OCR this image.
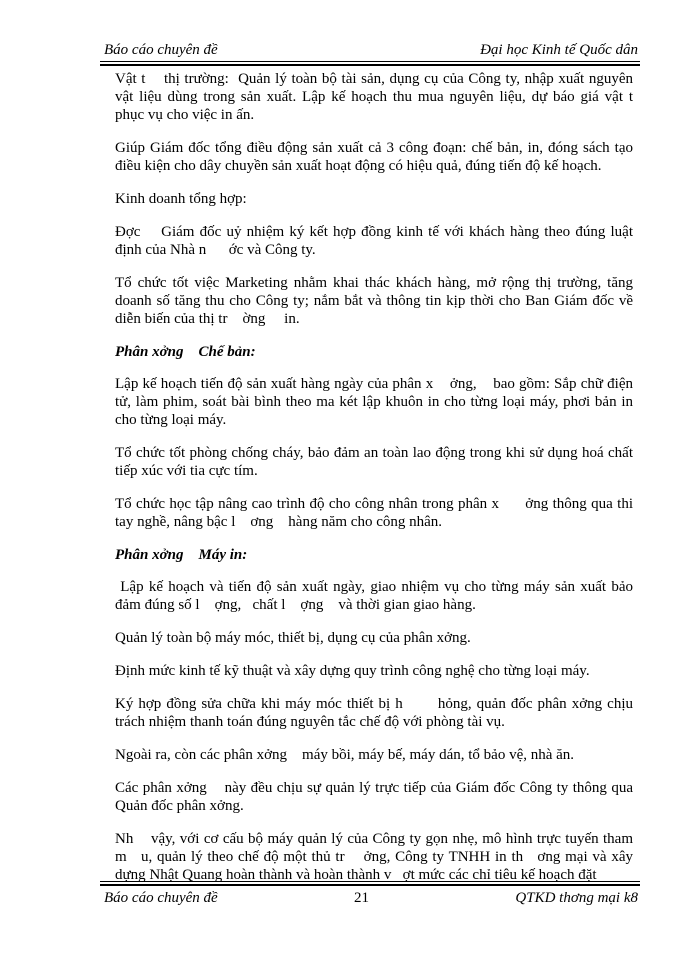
Báo cáo chuyên đề	Đại học Kinh tế Quốc dân

Vật t    thị trường:  Quản lý toàn bộ tài sản, dụng cụ của Công ty, nhập xuất nguyên vật liệu dùng trong sản xuất. Lập kế hoạch thu mua nguyên liệu, dự báo giá vật t      phục vụ cho việc in ấn.

Giúp Giám đốc tổng điều động sản xuất cả 3 công đoạn: chế bản, in, đóng sách tạo điều kiện cho dây chuyền sản xuất hoạt động có hiệu quả, đúng tiến độ kế hoạch.

Kinh doanh tổng hợp:

Đợc    Giám đốc uỷ nhiệm ký kết hợp đồng kinh tế với khách hàng theo đúng luật định của Nhà n      ớc và Công ty.

Tổ chức tốt việc Marketing nhằm khai thác khách hàng, mở rộng thị trường, tăng doanh số tăng thu cho Công ty; nắm bắt và thông tin kịp thời cho Ban Giám đốc về diễn biến của thị tr    ờng     in.

Phân xởng    Chế bản:

Lập kế hoạch tiến độ sản xuất hàng ngày của phân x    ởng,    bao gồm: Sắp chữ điện tử, làm phim, soát bài bình theo ma két lập khuôn in cho từng loại máy, phơi bản in cho từng loại máy.

Tổ chức tốt phòng chống cháy, bảo đảm an toàn lao động trong khi sử dụng hoá chất tiếp xúc với tia cực tím.

Tổ chức học tập nâng cao trình độ cho công nhân trong phân x      ởng thông qua thi tay nghề, nâng bậc l    ơng    hàng năm cho công nhân.

Phân xởng    Máy in:

Lập kế hoạch và tiến độ sản xuất ngày, giao nhiệm vụ cho từng máy sản xuất bảo đảm đúng số l    ợng,   chất l    ợng    và thời gian giao hàng.

Quản lý toàn bộ máy móc, thiết bị, dụng cụ của phân xởng.

Định mức kinh tế kỹ thuật và xây dựng quy trình công nghệ cho từng loại máy.

Ký hợp đồng sửa chữa khi máy móc thiết bị h       hỏng, quản đốc phân xởng chịu trách nhiệm thanh toán đúng nguyên tắc chế độ với phòng tài vụ.

Ngoài ra, còn các phân xởng    máy bồi, máy bế, máy dán, tổ bảo vệ, nhà ăn.

Các phân xởng    này đều chịu sự quản lý trực tiếp của Giám đốc Công ty thông qua Quản đốc phân xởng.

Nh    vậy, với cơ cấu bộ máy quản lý của Công ty gọn nhẹ, mô hình trực tuyến tham m   u, quản lý theo chế độ một thủ tr    ởng, Công ty TNHH in th   ơng mại và xây dựng Nhật Quang hoàn thành và hoàn thành v   ợt mức các chỉ tiêu kế hoạch đặt

Báo cáo chuyên đề	21	QTKD thơng mại k8
